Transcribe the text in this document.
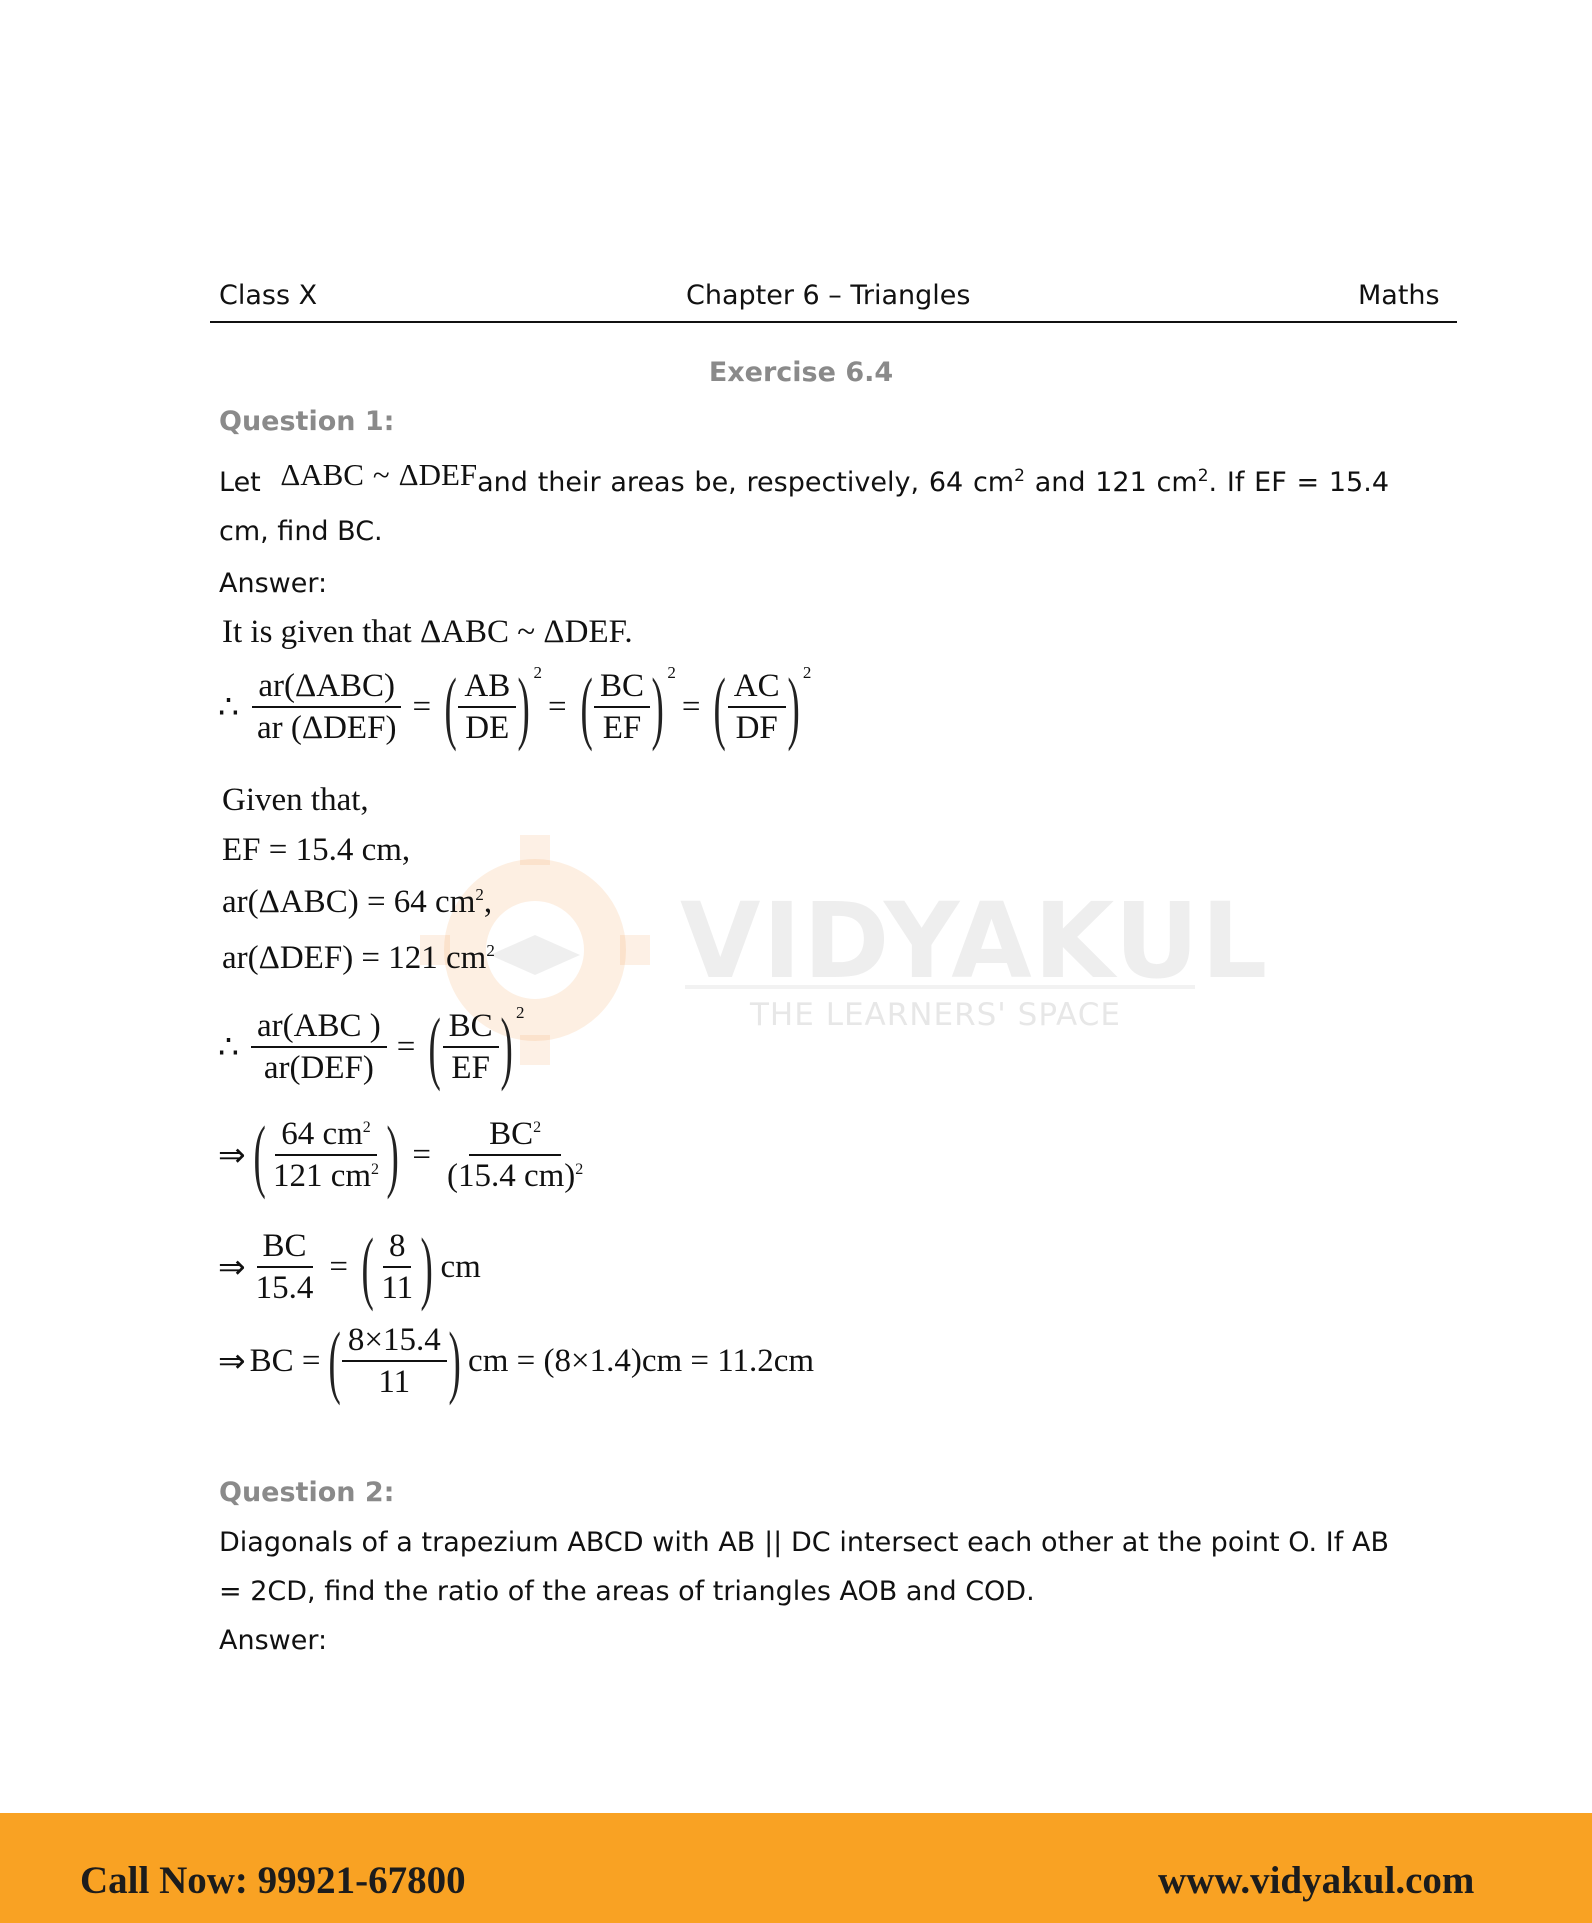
VIDYAKUL
THE LEARNERS' SPACE
Class X	Chapter 6 – Triangles	Maths
Exercise 6.4
Question 1:
Let ΔABC ~ ΔDEFand their areas be, respectively, 64 $cm^2$ and 121 $cm^2$. If EF = 15.4 cm, find BC.
Answer:
It is given that ΔABC ~ ΔDEF.
∴ $\frac{\text{ar(ΔABC)}}{\text{ar (ΔDEF)}}$ = ( $\frac{AB}{DE}$ ) 2
= ( $\frac{BC}{EF}$ ) 2
= ( $\frac{AC}{DF}$ ) 2
Given that,
EF = 15.4 cm,
ar(ΔABC) = 64 $cm^2$,
ar(ΔDEF) = 121 $cm^2$
∴ $\frac{\text{ar(ABC )}}{\text{ar(DEF)}}$ = ( $\frac{BC}{EF}$ ) 2
⇒ ( $\frac{64 cm^2}{121 cm^2}$ ) = $\frac{BC^2}{(15.4 cm)^2}$
⇒ $\frac{BC}{15.4}$ = ( $\frac{8}{11}$ ) cm
⇒ BC = ( $\frac{8\times 15.4}{11}$ ) cm = (8×1.4)cm = 11.2cm
Question 2:
Diagonals of a trapezium ABCD with AB || DC intersect each other at the point O. If AB = 2CD, find the ratio of the areas of triangles AOB and COD.
Answer:
Call Now: 99921-67800	www.vidyakul.com
